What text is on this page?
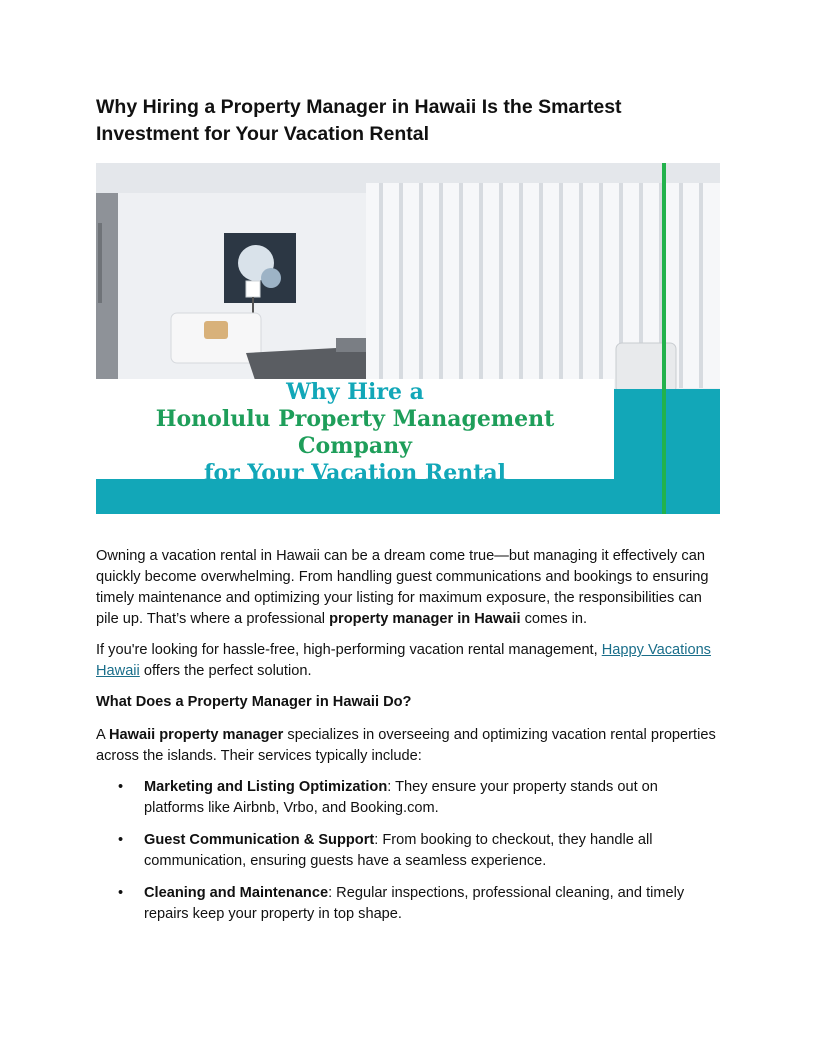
Why Hiring a Property Manager in Hawaii Is the Smartest Investment for Your Vacation Rental
Why Hire a
Honolulu Property Management Company
for Your Vacation Rental

Owning a vacation rental in Hawaii can be a dream come true—but managing it effectively can quickly become overwhelming. From handling guest communications and bookings to ensuring timely maintenance and optimizing your listing for maximum exposure, the responsibilities can pile up. That’s where a professional property manager in Hawaii comes in.

If you're looking for hassle-free, high-performing vacation rental management, Happy Vacations Hawaii offers the perfect solution.

What Does a Property Manager in Hawaii Do?

A Hawaii property manager specializes in overseeing and optimizing vacation rental properties across the islands. Their services typically include:

• Marketing and Listing Optimization: They ensure your property stands out on platforms like Airbnb, Vrbo, and Booking.com.
• Guest Communication & Support: From booking to checkout, they handle all communication, ensuring guests have a seamless experience.
• Cleaning and Maintenance: Regular inspections, professional cleaning, and timely repairs keep your property in top shape.
